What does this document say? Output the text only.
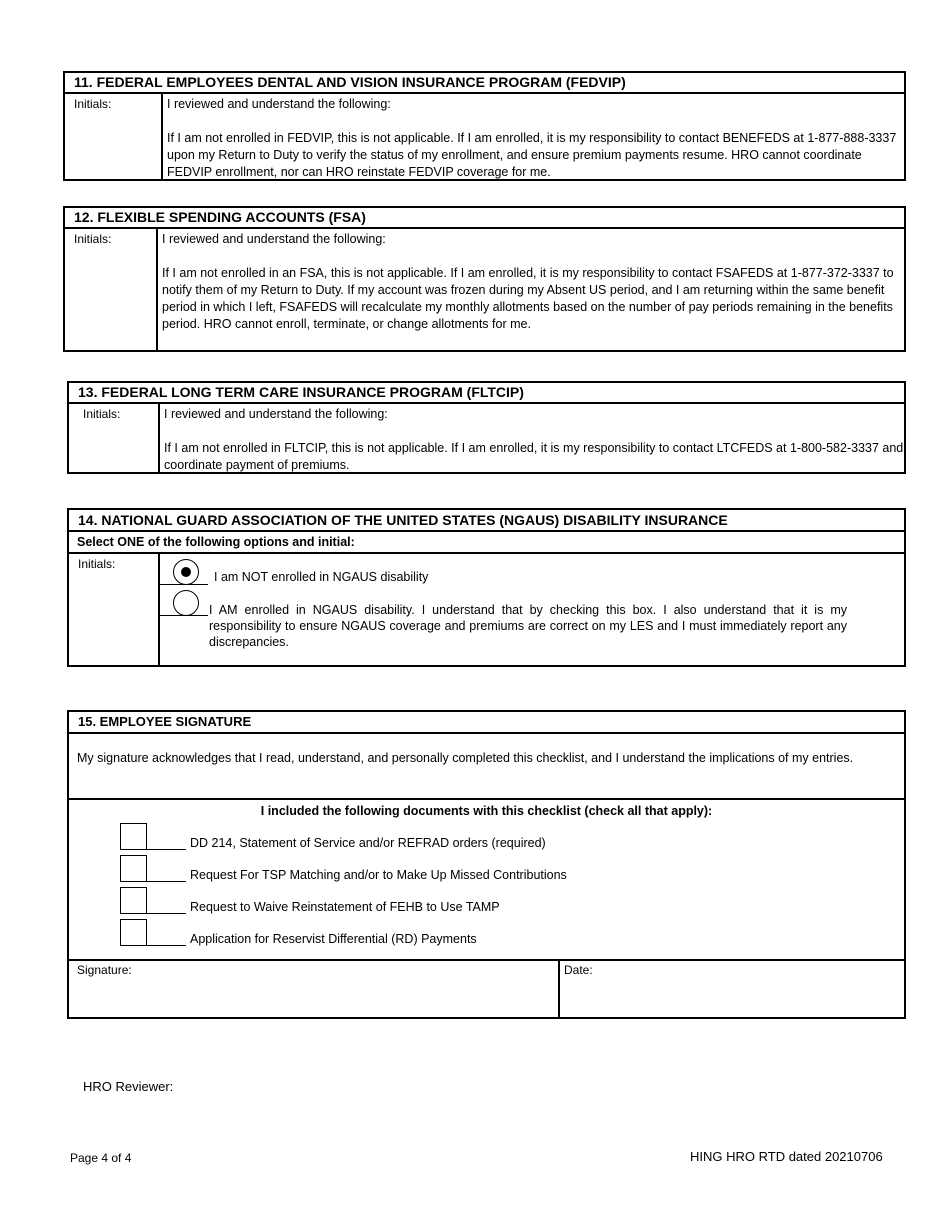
11. FEDERAL EMPLOYEES DENTAL AND VISION INSURANCE PROGRAM (FEDVIP)
Initials:	I reviewed and understand the following:
If I am not enrolled in FEDVIP, this is not applicable. If I am enrolled, it is my responsibility to contact BENEFEDS at 1-877-888-3337 upon my Return to Duty to verify the status of my enrollment, and ensure premium payments resume. HRO cannot coordinate FEDVIP enrollment, nor can HRO reinstate FEDVIP coverage for me.
12. FLEXIBLE SPENDING ACCOUNTS (FSA)
Initials:	I reviewed and understand the following:
If I am not enrolled in an FSA, this is not applicable. If I am enrolled, it is my responsibility to contact FSAFEDS at 1-877-372-3337 to notify them of my Return to Duty. If my account was frozen during my Absent US period, and I am returning within the same benefit period in which I left, FSAFEDS will recalculate my monthly allotments based on the number of pay periods remaining in the benefits period. HRO cannot enroll, terminate, or change allotments for me.
13. FEDERAL LONG TERM CARE INSURANCE PROGRAM (FLTCIP)
Initials:	I reviewed and understand the following:
If I am not enrolled in FLTCIP, this is not applicable. If I am enrolled, it is my responsibility to contact LTCFEDS at 1-800-582-3337 and coordinate payment of premiums.
14. NATIONAL GUARD ASSOCIATION OF THE UNITED STATES (NGAUS) DISABILITY INSURANCE
Select ONE of the following options and initial:
Initials:
I am NOT enrolled in NGAUS disability
I AM enrolled in NGAUS disability. I understand that by checking this box. I also understand that it is my responsibility to ensure NGAUS coverage and premiums are correct on my LES and I must immediately report any discrepancies.
15. EMPLOYEE SIGNATURE
My signature acknowledges that I read, understand, and personally completed this checklist, and I understand the implications of my entries.
I included the following documents with this checklist (check all that apply):
DD 214, Statement of Service and/or REFRAD orders (required)
Request For TSP Matching and/or to Make Up Missed Contributions
Request to Waive Reinstatement of FEHB to Use TAMP
Application for Reservist Differential (RD) Payments
Signature:	Date:
HRO Reviewer:
Page 4 of 4	HING HRO RTD dated 20210706
